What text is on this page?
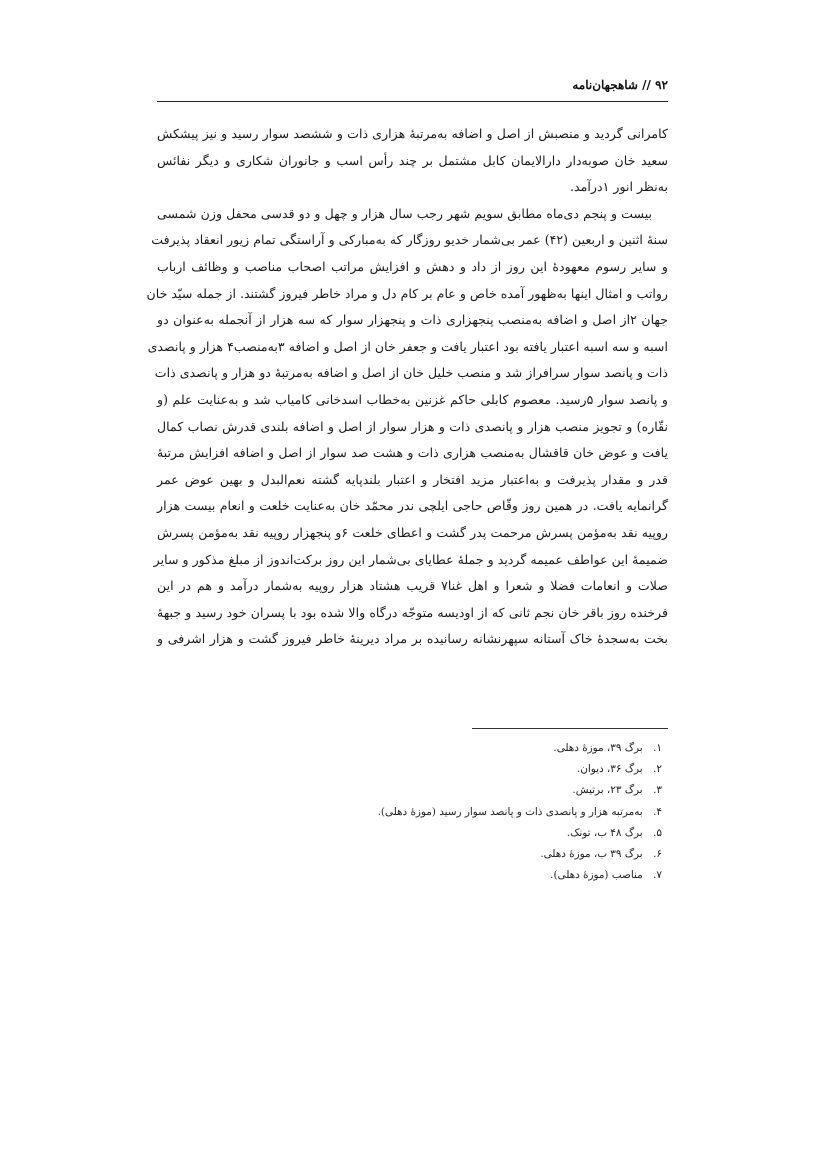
۹۲ // شاهجهان‌نامه

کامرانی گردید و منصبش از اصل و اضافه به‌مرتبهٔ هزاری ذات و ششصد سوار رسید و نیز پیشکش
سعید خان صوبه‌دار دارالایمان کابل مشتمل بر چند رأس اسب و جانوران شکاری و دیگر نفائس
به‌نظر انور ۱درآمد.

بیست و پنجم دی‌ماه مطابق سویم شهر رجب سال هزار و چهل و دو قدسی محفل وزن شمسی
سنهٔ اثنین و اربعین (۴۲) عمر بی‌شمار خدیو روزگار که به‌مبارکی و آراستگی تمام زیور انعقاد پذیرفت
و سایر رسوم معهودهٔ این روز از داد و دهش و افزایش مراتب اصحاب مناصب و وظائف ارباب
رواتب و امثال اینها به‌ظهور آمده خاص و عام بر کام دل و مراد خاطر فیروز گشتند. از جمله سیّد خان
جهان ۲از اصل و اضافه به‌منصب پنجهزاری ذات و پنجهزار سوار که سه هزار از آنجمله به‌عنوان دو
اسبه و سه اسبه اعتبار یافته بود اعتبار یافت و جعفر خان از اصل و اضافه ۳به‌منصب۴ هزار و پانصدی
ذات و پانصد سوار سرافراز شد و منصب خلیل خان از اصل و اضافه به‌مرتبهٔ دو هزار و پانصدی ذات
و پانصد سوار ۵رسید. معصوم کابلی حاکم غزنین به‌خطاب اسدخانی کامیاب شد و به‌عنایت علم (و
نقّاره) و تجویز منصب هزار و پانصدی ذات و هزار سوار از اصل و اضافه بلندی قدرش نصاب کمال
یافت و عوض خان قاقشال به‌منصب هزاری ذات و هشت صد سوار از اصل و اضافه افزایش مرتبهٔ
قدر و مقدار پذیرفت و به‌اعتبار مزید افتخار و اعتبار بلندپایه گشته نعم‌البدل و بهین عوض عمر
گرانمایه یافت. در همین روز وقّاص حاجی ایلچی ندر محمّد خان به‌عنایت خلعت و انعام بیست هزار
روپیه نقد به‌مؤمن پسرش مرحمت پدر گشت و اعطای خلعت ۶و پنجهزار روپیه نقد به‌مؤمن پسرش
ضمیمهٔ این عواطف عمیمه گردید و جملهٔ عطایای بی‌شمار این روز برکت‌اندوز از مبلغ مذکور و سایر
صلات و انعامات فضلا و شعرا و اهل غنا۷ قریب هشتاد هزار روپیه به‌شمار درآمد و هم در این
فرخنده روز باقر خان نجم ثانی که از اودیسه متوجّه درگاه والا شده بود با پسران خود رسید و جبههٔ
بخت به‌سجدهٔ خاک آستانه سپهرنشانه رسانیده بر مراد دیرینهٔ خاطر فیروز گشت و هزار اشرفی و

۱. برگ ۳۹، موزهٔ دهلی.
۲. برگ ۳۶، دیوان.
۳. برگ ۲۳، برتیش.
۴. به‌مرتبه هزار و پانصدی ذات و پانصد سوار رسید (موزهٔ دهلی).
۵. برگ ۴۸ ب، تونک.
۶. برگ ۳۹ ب، موزهٔ دهلی.
۷. مناصب (موزهٔ دهلی).
